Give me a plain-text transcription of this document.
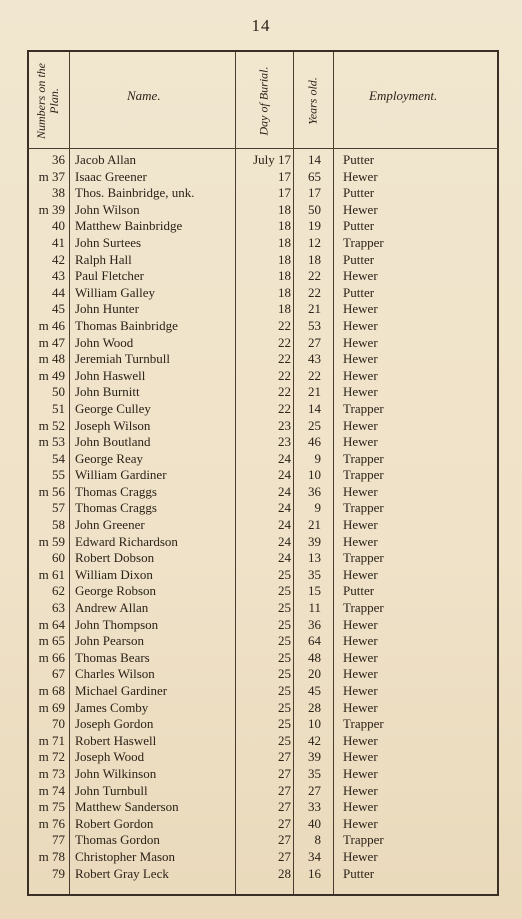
14
Numbers on the Plan.	Name.	Day of Burial.	Years old.	Employment.
36 Jacob Allan	July 17	14 Putter
m 37 Isaac Greener	17	65 Hewer
38 Thos. Bainbridge, unk.	17	17 Putter
m 39 John Wilson	18	50 Hewer
40 Matthew Bainbridge	18	19 Putter
41 John Surtees	18	12 Trapper
42 Ralph Hall	18	18 Putter
43 Paul Fletcher	18	22 Hewer
44 William Galley	18	22 Putter
45 John Hunter	18	21 Hewer
m 46 Thomas Bainbridge	22	53 Hewer
m 47 John Wood	22	27 Hewer
m 48 Jeremiah Turnbull	22	43 Hewer
m 49 John Haswell	22	22 Hewer
50 John Burnitt	22	21 Hewer
51 George Culley	22	14 Trapper
m 52 Joseph Wilson	23	25 Hewer
m 53 John Boutland	23	46 Hewer
54 George Reay	24	9 Trapper
55 William Gardiner	24	10 Trapper
m 56 Thomas Craggs	24	36 Hewer
57 Thomas Craggs	24	9 Trapper
58 John Greener	24	21 Hewer
m 59 Edward Richardson	24	39 Hewer
60 Robert Dobson	24	13 Trapper
m 61 William Dixon	25	35 Hewer
62 George Robson	25	15 Putter
63 Andrew Allan	25	11 Trapper
m 64 John Thompson	25	36 Hewer
m 65 John Pearson	25	64 Hewer
m 66 Thomas Bears	25	48 Hewer
67 Charles Wilson	25	20 Hewer
m 68 Michael Gardiner	25	45 Hewer
m 69 James Comby	25	28 Hewer
70 Joseph Gordon	25	10 Trapper
m 71 Robert Haswell	25	42 Hewer
m 72 Joseph Wood	27	39 Hewer
m 73 John Wilkinson	27	35 Hewer
m 74 John Turnbull	27	27 Hewer
m 75 Matthew Sanderson	27	33 Hewer
m 76 Robert Gordon	27	40 Hewer
77 Thomas Gordon	27	8 Trapper
m 78 Christopher Mason	27	34 Hewer
79 Robert Gray Leck	28	16 Putter
